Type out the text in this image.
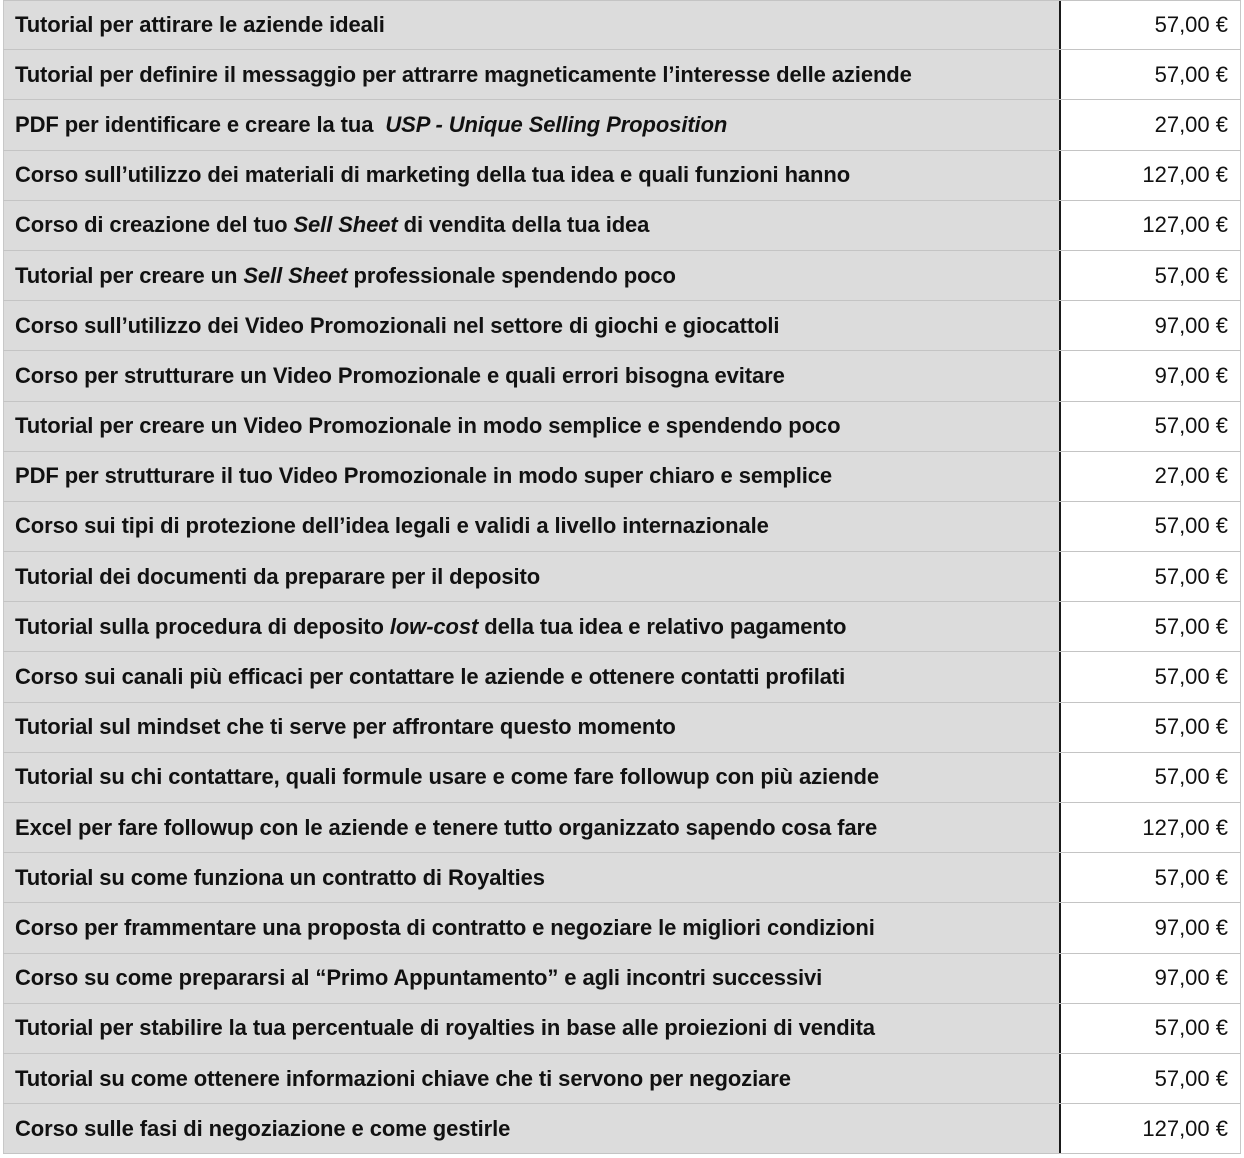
Tutorial per attirare le aziende ideali	57,00 €
Tutorial per definire il messaggio per attrarre magneticamente l’interesse delle aziende	57,00 €
PDF per identificare e creare la tua USP - Unique Selling Proposition	27,00 €
Corso sull’utilizzo dei materiali di marketing della tua idea e quali funzioni hanno	127,00 €
Corso di creazione del tuo Sell Sheet di vendita della tua idea	127,00 €
Tutorial per creare un Sell Sheet professionale spendendo poco	57,00 €
Corso sull’utilizzo dei Video Promozionali nel settore di giochi e giocattoli	97,00 €
Corso per strutturare un Video Promozionale e quali errori bisogna evitare	97,00 €
Tutorial per creare un Video Promozionale in modo semplice e spendendo poco	57,00 €
PDF per strutturare il tuo Video Promozionale in modo super chiaro e semplice	27,00 €
Corso sui tipi di protezione dell’idea legali e validi a livello internazionale	57,00 €
Tutorial dei documenti da preparare per il deposito	57,00 €
Tutorial sulla procedura di deposito low-cost della tua idea e relativo pagamento	57,00 €
Corso sui canali più efficaci per contattare le aziende e ottenere contatti profilati	57,00 €
Tutorial sul mindset che ti serve per affrontare questo momento	57,00 €
Tutorial su chi contattare, quali formule usare e come fare followup con più aziende	57,00 €
Excel per fare followup con le aziende e tenere tutto organizzato sapendo cosa fare	127,00 €
Tutorial su come funziona un contratto di Royalties	57,00 €
Corso per frammentare una proposta di contratto e negoziare le migliori condizioni	97,00 €
Corso su come prepararsi al “Primo Appuntamento” e agli incontri successivi	97,00 €
Tutorial per stabilire la tua percentuale di royalties in base alle proiezioni di vendita	57,00 €
Tutorial su come ottenere informazioni chiave che ti servono per negoziare	57,00 €
Corso sulle fasi di negoziazione e come gestirle	127,00 €
